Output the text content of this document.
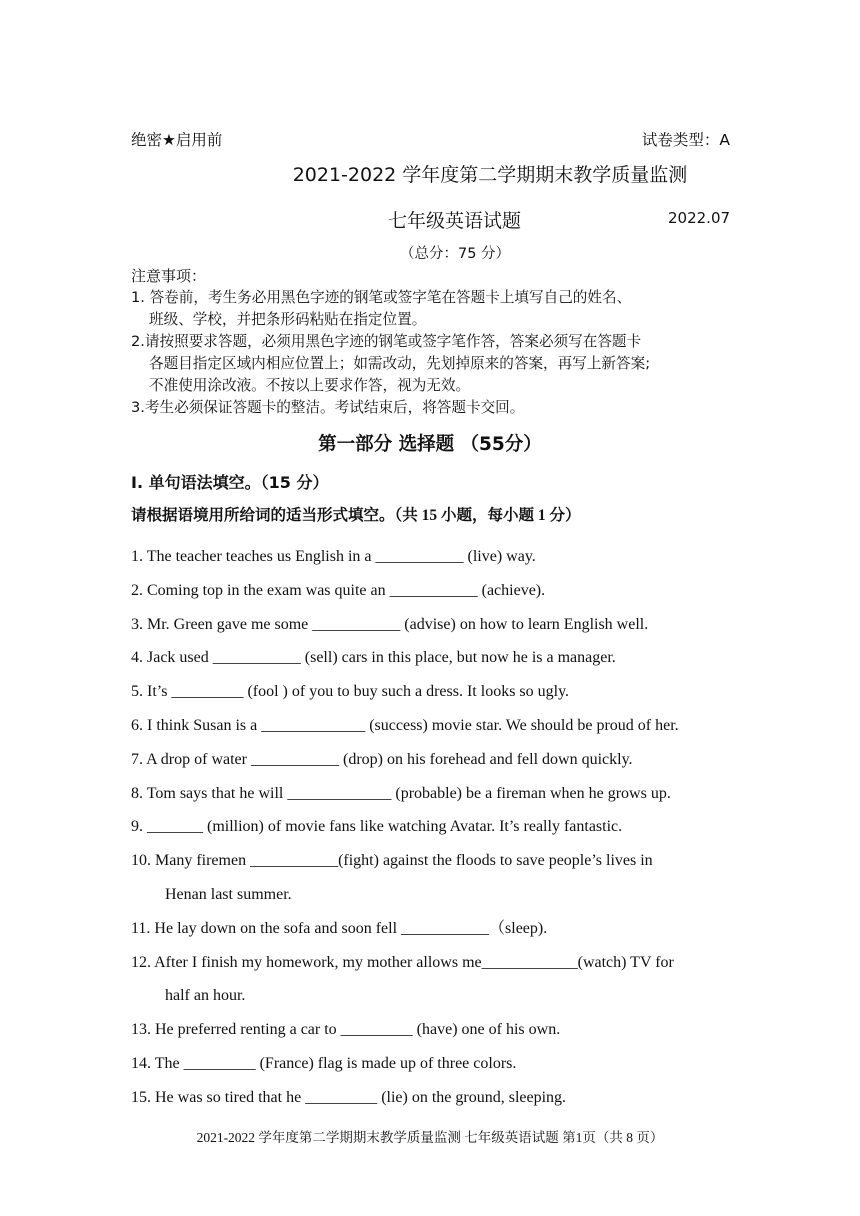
绝密★启用前	试卷类型：A
2021-2022 学年度第二学期期末教学质量监测
七年级英语试题	2022.07
（总分：75 分）
注意事项：
1. 答卷前，考生务必用黑色字迹的钢笔或签字笔在答题卡上填写自己的姓名、
班级、学校，并把条形码粘贴在指定位置。
2.请按照要求答题，必须用黑色字迹的钢笔或签字笔作答，答案必须写在答题卡
各题目指定区域内相应位置上；如需改动，先划掉原来的答案，再写上新答案;
不准使用涂改液。不按以上要求作答，视为无效。
3.考生必须保证答题卡的整洁。考试结束后，将答题卡交回。
第一部分 选择题 （55分）
Ⅰ. 单句语法填空。（15 分）
请根据语境用所给词的适当形式填空。（共 15 小题，每小题 1 分）
1. The teacher teaches us English in a ___________ (live) way.
2. Coming top in the exam was quite an ___________ (achieve).
3. Mr. Green gave me some ___________ (advise) on how to learn English well.
4. Jack used ___________ (sell) cars in this place, but now he is a manager.
5. It’s _________ (fool ) of you to buy such a dress. It looks so ugly.
6. I think Susan is a _____________ (success) movie star. We should be proud of her.
7. A drop of water ___________ (drop) on his forehead and fell down quickly.
8. Tom says that he will _____________ (probable) be a fireman when he grows up.
9. _______ (million) of movie fans like watching Avatar. It’s really fantastic.
10. Many firemen ___________(fight) against the floods to save people’s lives in
Henan last summer.
11. He lay down on the sofa and soon fell ___________（sleep).
12. After I finish my homework, my mother allows me____________(watch) TV for
half an hour.
13. He preferred renting a car to _________ (have) one of his own.
14. The _________ (France) flag is made up of three colors.
15. He was so tired that he _________ (lie) on the ground, sleeping.
2021-2022 学年度第二学期期末教学质量监测 七年级英语试题 第1页（共 8 页）
